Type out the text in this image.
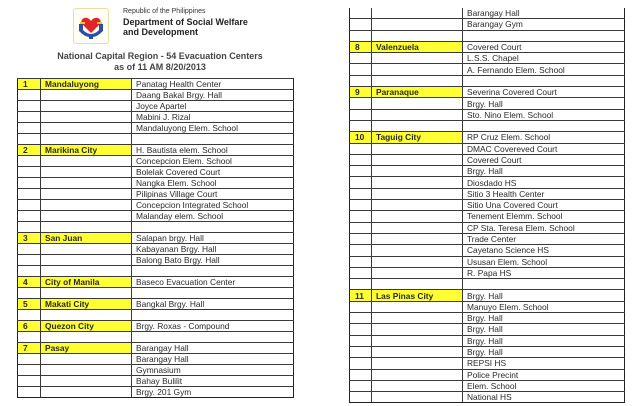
Republic of the Philippines
Department of Social Welfare
and Development
National Capital Region - 54 Evacuation Centers
as of 11 AM 8/20/2013
1	Mandaluyong	Panatag Health Center
		Daang Bakal Brgy. Hall
		Joyce Apartel
		Mabini J. Rizal
		Mandaluyong Elem. School

2	Marikina City	H. Bautista elem. School
		Concepcion Elem. School
		Bolelak Covered Court
		Nangka Elem. School
		Pilipinas Village Court
		Concepcion Integrated School
		Malanday elem. School

3	San Juan	Salapan brgy. Hall
		Kabayanan Brgy. Hall
		Balong Bato Brgy. Hall

4	City of Manila	Baseco Evacuation Center

5	Makati City	Bangkal Brgy. Hall

6	Quezon City	Brgy. Roxas - Compound

7	Pasay	Barangay Hall
		Barangay Hall
		Gymnasium
		Bahay Bulilit
		Brgy. 201 Gym
		Barangay Hall
		Barangay Gym

8	Valenzuela	Covered Court
		L.S.S. Chapel
		A. Fernando Elem. School

9	Paranaque	Severina Covered Court
		Brgy. Hall
		Sto. Nino Elem. School

10	Taguig City	RP Cruz Elem. School
		DMAC Covereved Court
		Covered Court
		Brgy. Hall
		Diosdado HS
		Sitio 3 Health Center
		Sitio Una Covered Court
		Tenement Elemm. School
		CP Sta. Teresa Elem. School
		Trade Center
		Cayetano Science HS
		Ususan Elem. School
		R. Papa HS

11	Las Pinas City	Brgy. Hall
		Manuyo Elem. School
		Brgy. Hall
		Brgy. Hall
		Brgy. Hall
		Brgy. Hall
		REPSI HS
		Police Precint
		Elem. School
		National HS
